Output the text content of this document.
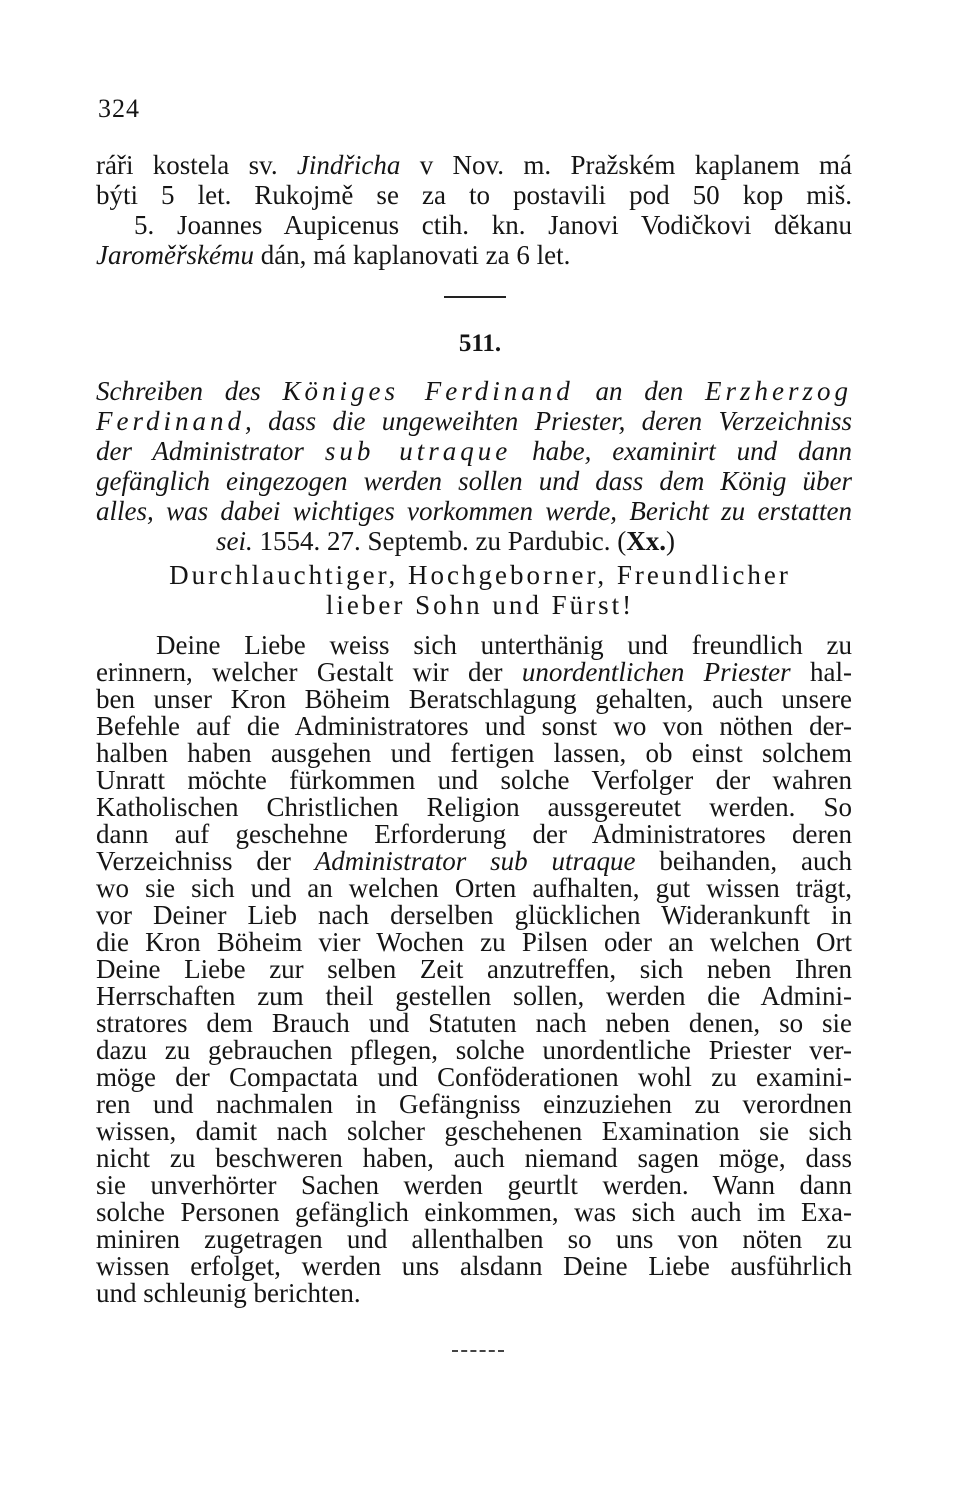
324
ráři kostela sv. Jindřicha v Nov. m. Pražském kaplanem má
býti 5 let. Rukojmě se za to postavili pod 50 kop miš.
5. Joannes Aupicenus ctih. kn. Janovi Vodičkovi děkanu
Jaroměřskému dán, má kaplanovati za 6 let.
511.
Schreiben des Königes Ferdinand an den Erzherzog
Ferdinand, dass die ungeweihten Priester, deren Verzeichniss
der Administrator sub utraque habe, examinirt und dann
gefänglich eingezogen werden sollen und dass dem König über
alles, was dabei wichtiges vorkommen werde, Bericht zu erstatten
sei. 1554. 27. Septemb. zu Pardubic. (Xx.)
Durchlauchtiger, Hochgeborner, Freundlicher
lieber Sohn und Fürst!
Deine Liebe weiss sich unterthänig und freundlich zu
erinnern, welcher Gestalt wir der unordentlichen Priester hal-
ben unser Kron Böheim Beratschlagung gehalten, auch unsere
Befehle auf die Administratores und sonst wo von nöthen der-
halben haben ausgehen und fertigen lassen, ob einst solchem
Unratt möchte fürkommen und solche Verfolger der wahren
Katholischen Christlichen Religion aussgereutet werden. So
dann auf geschehne Erforderung der Administratores deren
Verzeichniss der Administrator sub utraque beihanden, auch
wo sie sich und an welchen Orten aufhalten, gut wissen trägt,
vor Deiner Lieb nach derselben glücklichen Widerankunft in
die Kron Böheim vier Wochen zu Pilsen oder an welchen Ort
Deine Liebe zur selben Zeit anzutreffen, sich neben Ihren
Herrschaften zum theil gestellen sollen, werden die Admini-
stratores dem Brauch und Statuten nach neben denen, so sie
dazu zu gebrauchen pflegen, solche unordentliche Priester ver-
möge der Compactata und Conföderationen wohl zu examini-
ren und nachmalen in Gefängniss einzuziehen zu verordnen
wissen, damit nach solcher geschehenen Examination sie sich
nicht zu beschweren haben, auch niemand sagen möge, dass
sie unverhörter Sachen werden geurtlt werden. Wann dann
solche Personen gefänglich einkommen, was sich auch im Exa-
miniren zugetragen und allenthalben so uns von nöten zu
wissen erfolget, werden uns alsdann Deine Liebe ausführlich
und schleunig berichten.
